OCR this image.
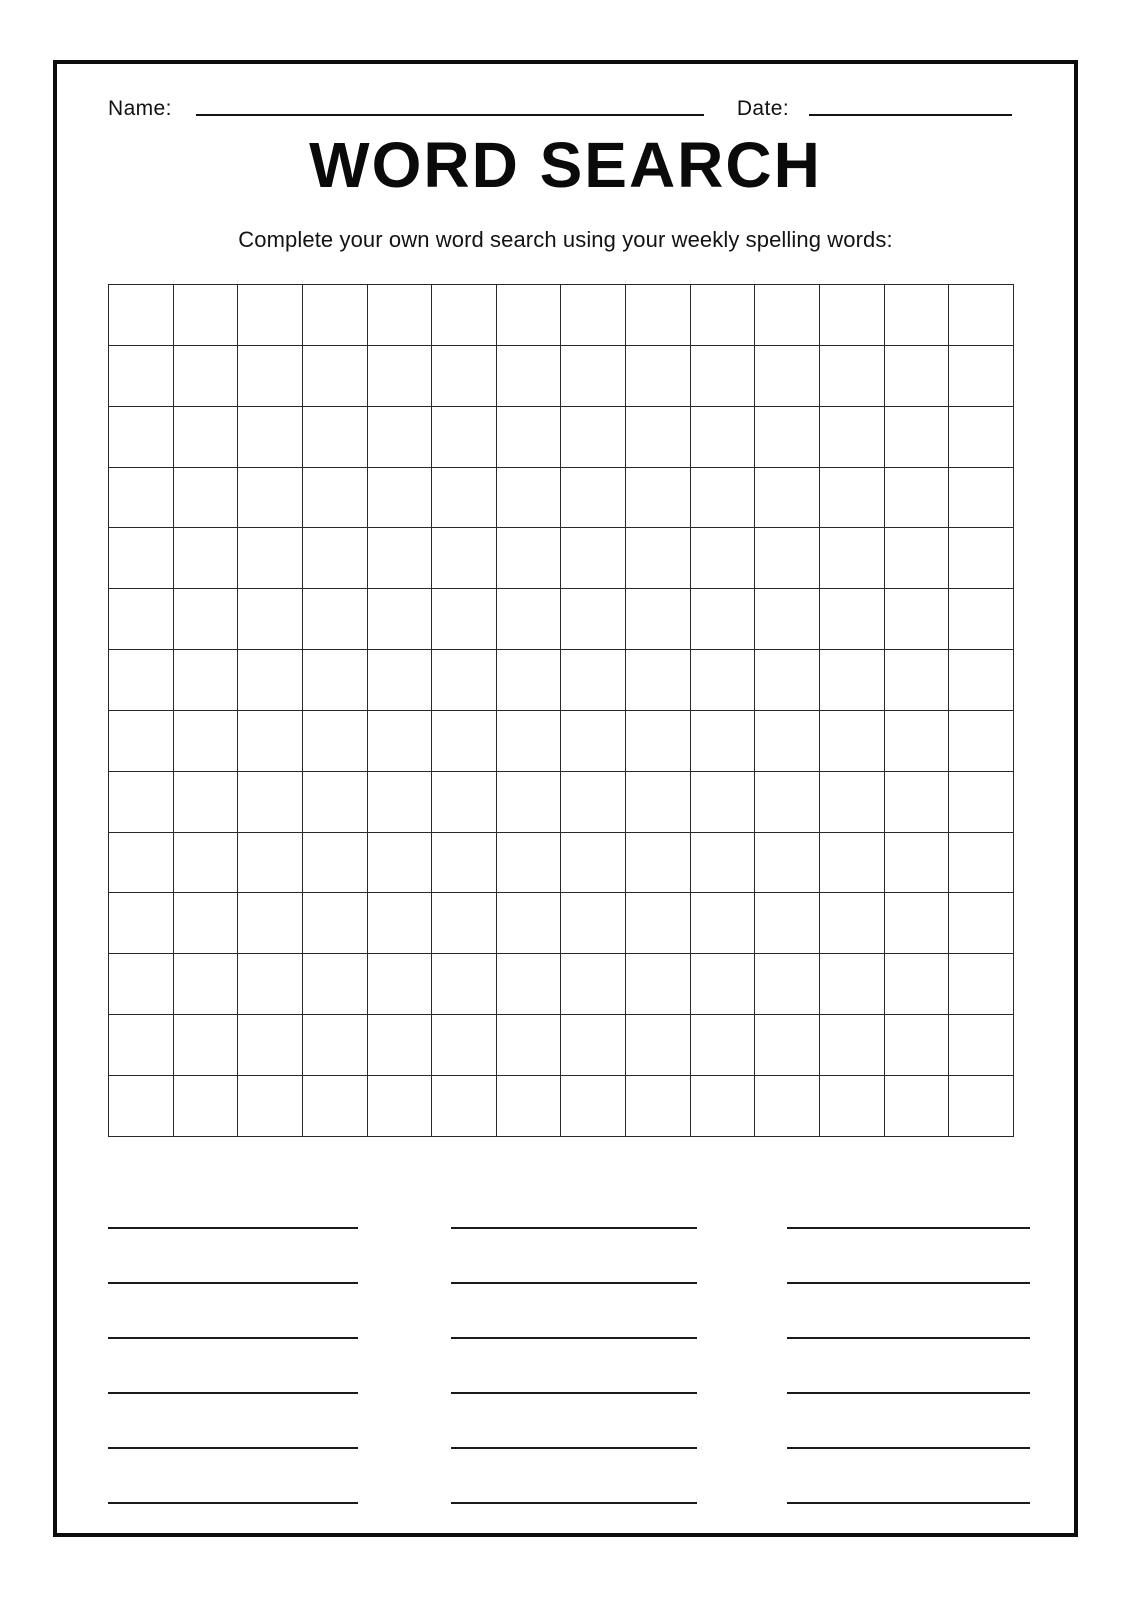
Name:	Date:
WORD SEARCH
Complete your own word search using your weekly spelling words:
